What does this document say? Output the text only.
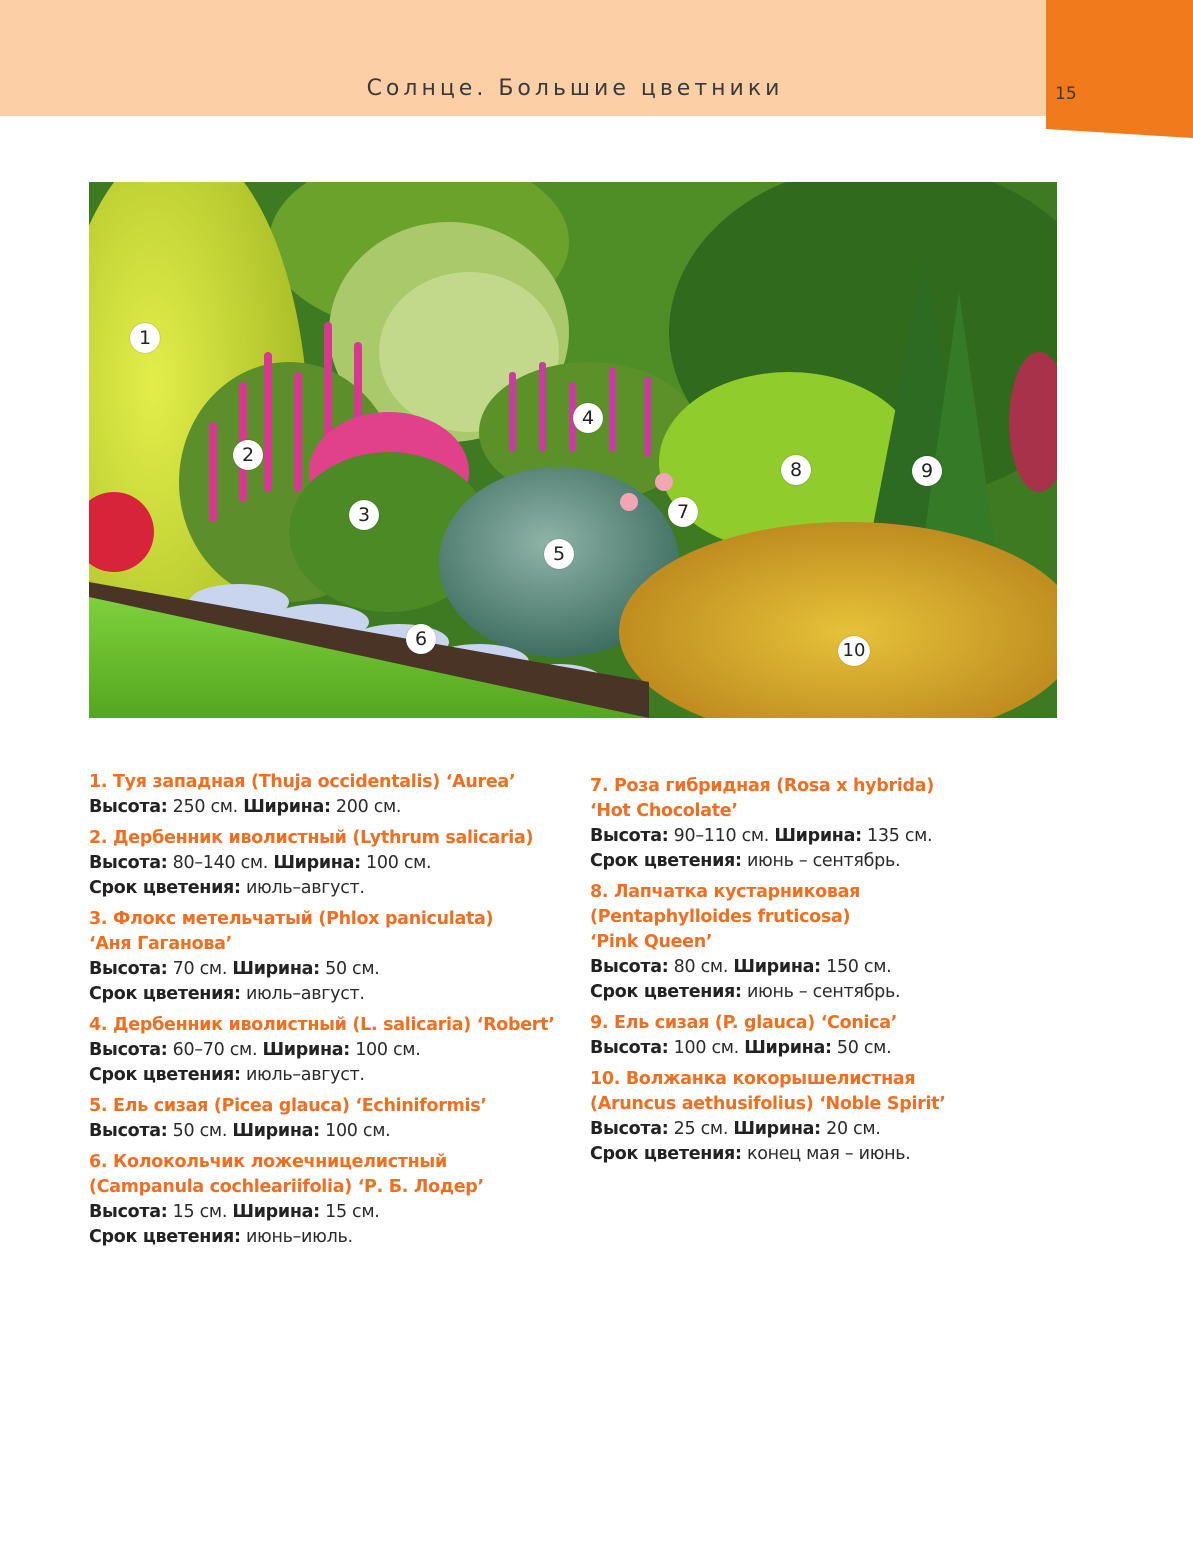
Солнце. Большие цветники	15
1
2
3
4
5
6
7
8	9
10
1. Туя западная (Thuja occidentalis) ‘Aurea’
Высота: 250 см. Ширина: 200 см.
2. Дербенник иволистный (Lythrum salicaria)
Высота: 80–140 см. Ширина: 100 см.
Срок цветения: июль–август.
3. Флокс метельчатый (Phlox paniculata)
‘Аня Гаганова’
Высота: 70 см. Ширина: 50 см.
Срок цветения: июль–август.
4. Дербенник иволистный (L. salicaria) ‘Robert’
Высота: 60–70 см. Ширина: 100 см.
Срок цветения: июль–август.
5. Ель сизая (Picea glauca) ‘Echiniformis’
Высота: 50 см. Ширина: 100 см.
6. Колокольчик ложечницелистный
(Campanula cochleariifolia) ‘Р. Б. Лодер’
Высота: 15 см. Ширина: 15 см.
Срок цветения: июнь–июль.
7. Роза гибридная (Rosa x hybrida)
‘Hot Chocolate’
Высота: 90–110 см. Ширина: 135 см.
Срок цветения: июнь – сентябрь.
8. Лапчатка кустарниковая
(Pentaphylloides fruticosa)
‘Pink Queen’
Высота: 80 см. Ширина: 150 см.
Срок цветения: июнь – сентябрь.
9. Ель сизая (P. glauca) ‘Conica’
Высота: 100 см. Ширина: 50 см.
10. Волжанка кокорышелистная
(Aruncus aethusifolius) ‘Noble Spirit’
Высота: 25 см. Ширина: 20 см.
Срок цветения: конец мая – июнь.
